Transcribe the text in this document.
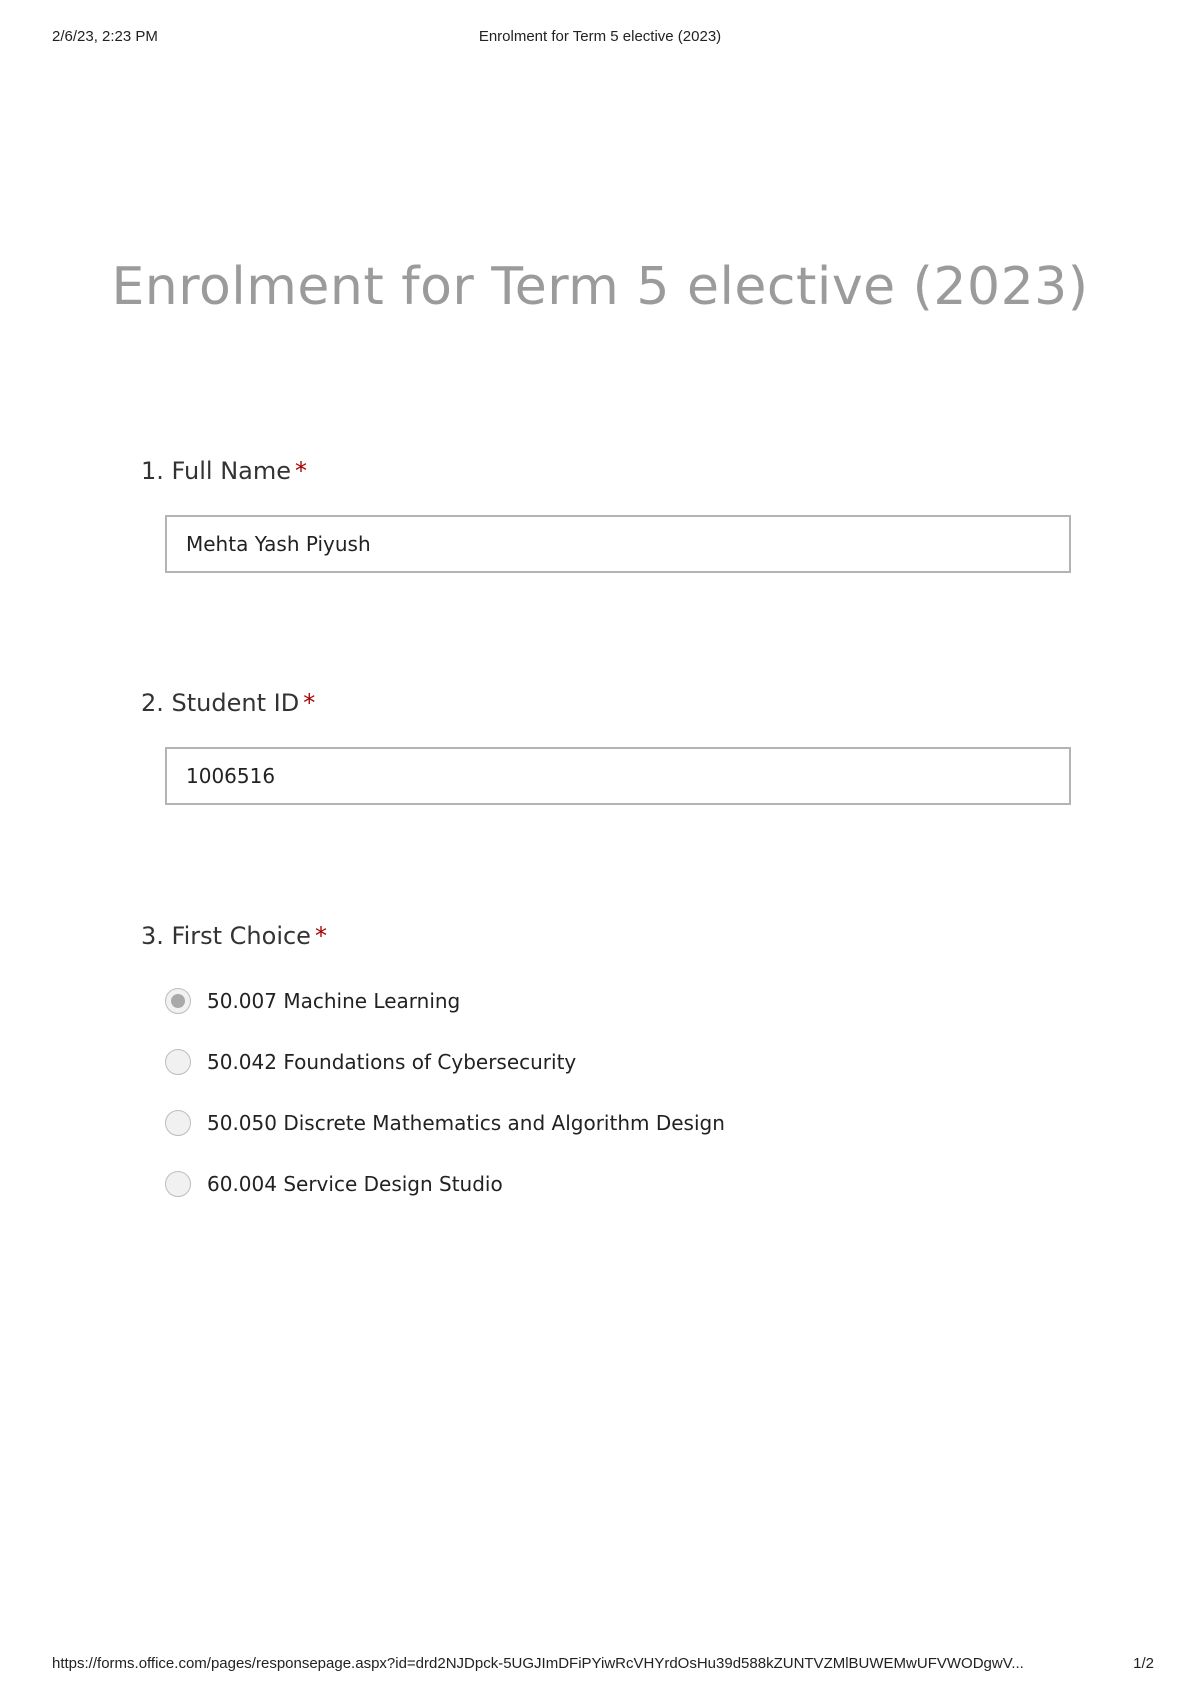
2/6/23, 2:23 PM	Enrolment for Term 5 elective (2023)
Enrolment for Term 5 elective (2023)

1. Full Name *

Mehta Yash Piyush

2. Student ID *

1006516

3. First Choice *

50.007 Machine Learning
50.042 Foundations of Cybersecurity
50.050 Discrete Mathematics and Algorithm Design
60.004 Service Design Studio
https://forms.office.com/pages/responsepage.aspx?id=drd2NJDpck-5UGJImDFiPYiwRcVHYrdOsHu39d588kZUNTVZMlBUWEMwUFVWODgwV...	1/2
